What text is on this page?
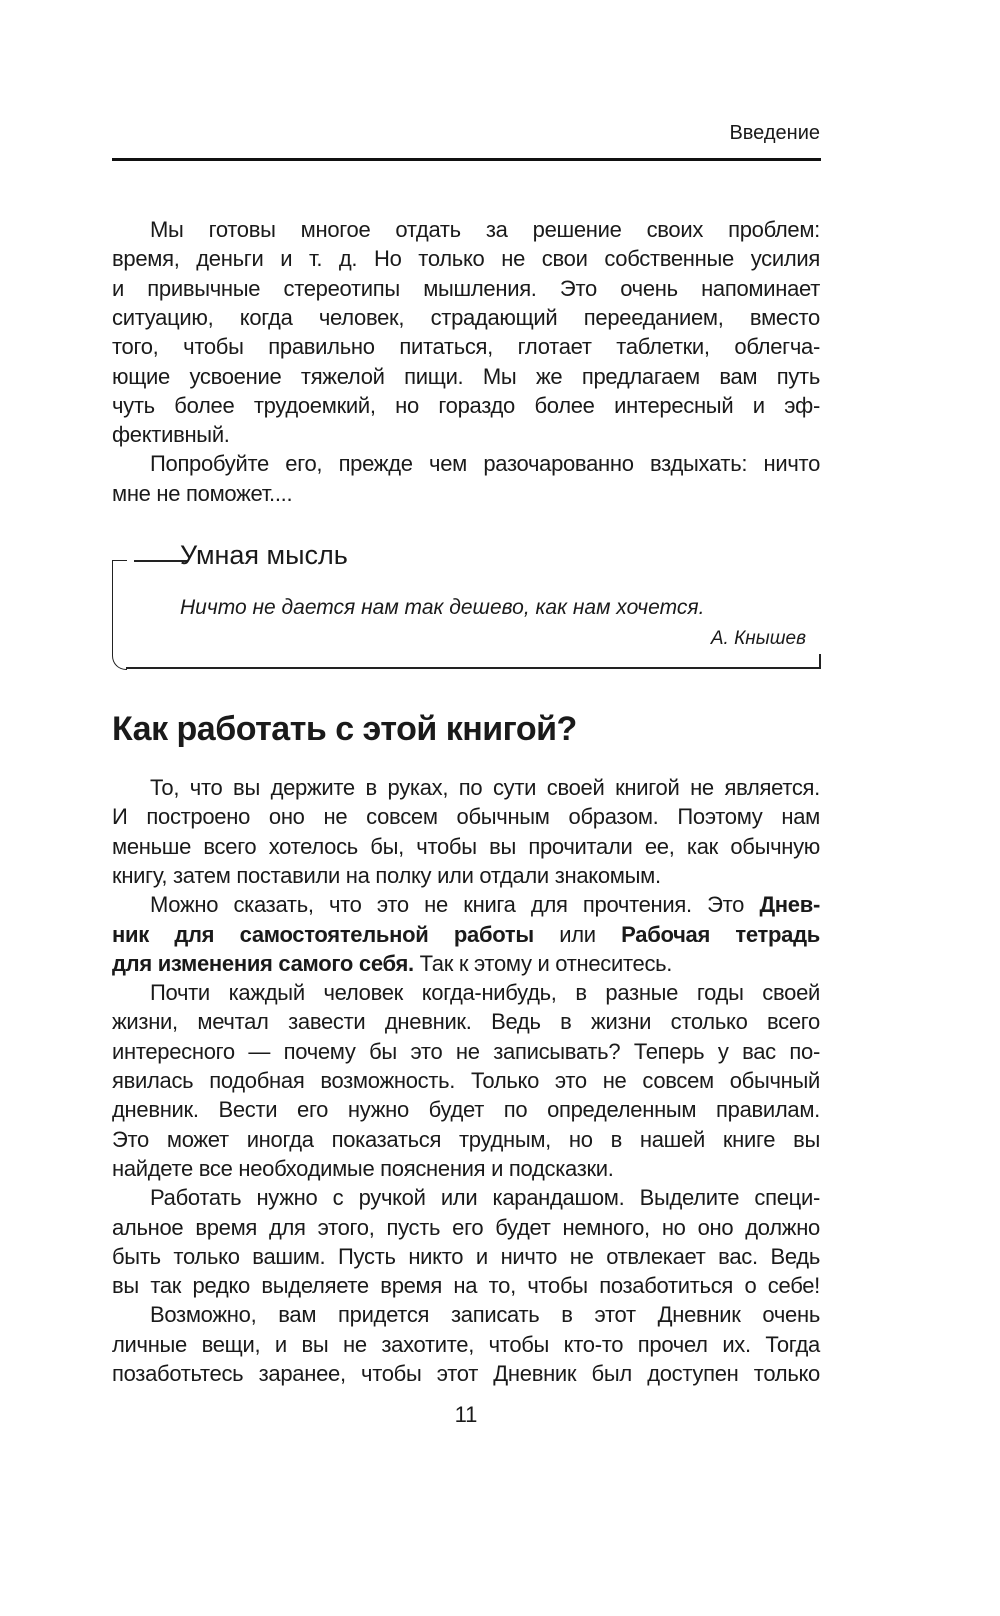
Введение
Мы готовы многое отдать за решение своих проблем:
время, деньги и т. д. Но только не свои собственные усилия
и привычные стереотипы мышления. Это очень напоминает
ситуацию, когда человек, страдающий перееданием, вместо
того, чтобы правильно питаться, глотает таблетки, облегча-
ющие усвоение тяжелой пищи. Мы же предлагаем вам путь
чуть более трудоемкий, но гораздо более интересный и эф-
фективный.
Попробуйте его, прежде чем разочарованно вздыхать: ничто
мне не поможет....
Умная мысль
Ничто не дается нам так дешево, как нам хочется.
А. Кнышев
Как работать с этой книгой?
То, что вы держите в руках, по сути своей книгой не является.
И построено оно не совсем обычным образом. Поэтому нам
меньше всего хотелось бы, чтобы вы прочитали ее, как обычную
книгу, затем поставили на полку или отдали знакомым.
Можно сказать, что это не книга для прочтения. Это Днев-
ник для самостоятельной работы или Рабочая тетрадь
для изменения самого себя. Так к этому и отнеситесь.
Почти каждый человек когда-нибудь, в разные годы своей
жизни, мечтал завести дневник. Ведь в жизни столько всего
интересного — почему бы это не записывать? Теперь у вас по-
явилась подобная возможность. Только это не совсем обычный
дневник. Вести его нужно будет по определенным правилам.
Это может иногда показаться трудным, но в нашей книге вы
найдете все необходимые пояснения и подсказки.
Работать нужно с ручкой или карандашом. Выделите специ-
альное время для этого, пусть его будет немного, но оно должно
быть только вашим. Пусть никто и ничто не отвлекает вас. Ведь
вы так редко выделяете время на то, чтобы позаботиться о себе!
Возможно, вам придется записать в этот Дневник очень
личные вещи, и вы не захотите, чтобы кто-то прочел их. Тогда
позаботьтесь заранее, чтобы этот Дневник был доступен только
11
